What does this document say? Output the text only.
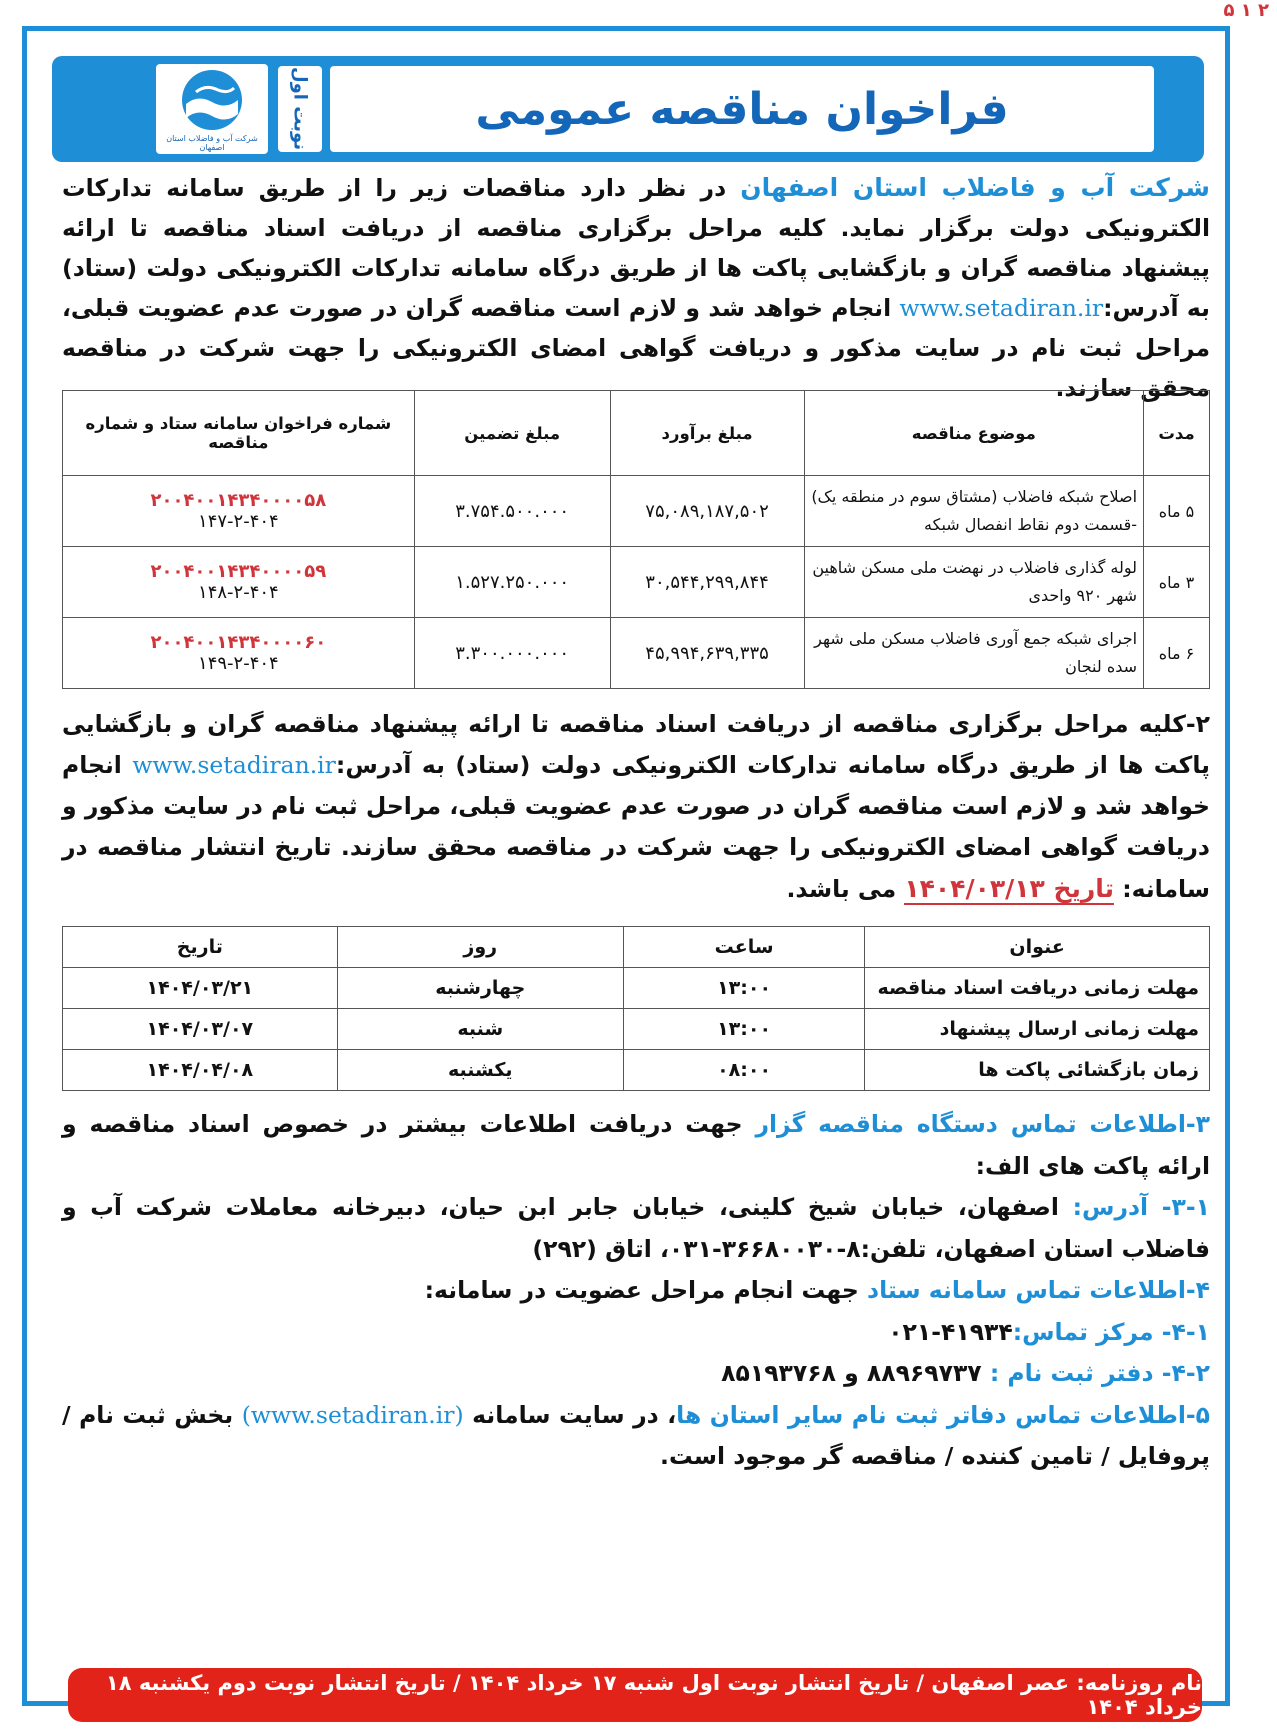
۵ ۱ ۲
شرکت آب و فاضلاب استان اصفهان	نوبت اول	فراخوان مناقصه عمومی
شرکت آب و فاضلاب استان اصفهان در نظر دارد مناقصات زیر را از طریق سامانه تدارکات الکترونیکی دولت برگزار نماید. کلیه مراحل برگزاری مناقصه از دریافت اسناد مناقصه تا ارائه پیشنهاد مناقصه گران و بازگشایی پاکت ها از طریق درگاه سامانه تدارکات الکترونیکی دولت (ستاد) به آدرس:www.setadiran.ir انجام خواهد شد و لازم است مناقصه گران در صورت عدم عضویت قبلی، مراحل ثبت نام در سایت مذکور و دریافت گواهی امضای الکترونیکی را جهت شرکت در مناقصه محقق سازند.
مدت	موضوع مناقصه	مبلغ برآورد	مبلغ تضمین	شماره فراخوان سامانه ستاد و شماره مناقصه
۵ ماه	اصلاح شبکه فاضلاب (مشتاق سوم در منطقه یک) -قسمت دوم نقاط انفصال شبکه	۷۵,۰۸۹,۱۸۷,۵۰۲	۳.۷۵۴.۵۰۰.۰۰۰	۲۰۰۴۰۰۱۴۳۴۰۰۰۰۵۸
۱۴۷-۲-۴۰۴

۳ ماه	لوله گذاری فاضلاب در نهضت ملی مسکن شاهین شهر ۹۲۰ واحدی	۳۰,۵۴۴,۲۹۹,۸۴۴	۱.۵۲۷.۲۵۰.۰۰۰	۲۰۰۴۰۰۱۴۳۴۰۰۰۰۵۹
۱۴۸-۲-۴۰۴

۶ ماه	اجرای شبکه جمع آوری فاضلاب مسکن ملی شهر سده لنجان	۴۵,۹۹۴,۶۳۹,۳۳۵	۳.۳۰۰.۰۰۰.۰۰۰	۲۰۰۴۰۰۱۴۳۴۰۰۰۰۶۰
۱۴۹-۲-۴۰۴
۲-کلیه مراحل برگزاری مناقصه از دریافت اسناد مناقصه تا ارائه پیشنهاد مناقصه گران و بازگشایی پاکت ها از طریق درگاه سامانه تدارکات الکترونیکی دولت (ستاد) به آدرس:www.setadiran.ir انجام خواهد شد و لازم است مناقصه گران در صورت عدم عضویت قبلی، مراحل ثبت نام در سایت مذکور و دریافت گواهی امضای الکترونیکی را جهت شرکت در مناقصه محقق سازند. تاریخ انتشار مناقصه در سامانه: تاریخ ۱۴۰۴/۰۳/۱۳ می باشد.
عنوان	ساعت	روز	تاریخ
مهلت زمانی دریافت اسناد مناقصه	۱۳:۰۰	چهارشنبه	۱۴۰۴/۰۳/۲۱
مهلت زمانی ارسال پیشنهاد	۱۳:۰۰	شنبه	۱۴۰۴/۰۳/۰۷
زمان بازگشائی پاکت ها	۰۸:۰۰	یکشنبه	۱۴۰۴/۰۴/۰۸

۳-اطلاعات تماس دستگاه مناقصه گزار جهت دریافت اطلاعات بیشتر در خصوص اسناد مناقصه و ارائه پاکت های الف:

۳-۱- آدرس: اصفهان، خیابان شیخ کلینی، خیابان جابر ابن حیان، دبیرخانه معاملات شرکت آب و فاضلاب استان اصفهان، تلفن:۸-۳۶۶۸۰۰۳۰-۰۳۱، اتاق (۲۹۲)

۴-اطلاعات تماس سامانه ستاد جهت انجام مراحل عضویت در سامانه:

۴-۱- مرکز تماس:۴۱۹۳۴-۰۲۱

۴-۲- دفتر ثبت نام : ۸۸۹۶۹۷۳۷ و ۸۵۱۹۳۷۶۸

۵-اطلاعات تماس دفاتر ثبت نام سایر استان ها، در سایت سامانه (www.setadiran.ir) بخش ثبت نام / پروفایل / تامین کننده / مناقصه گر موجود است.

نام روزنامه: عصر اصفهان / تاریخ انتشار نوبت اول شنبه ۱۷ خرداد ۱۴۰۴ / تاریخ انتشار نوبت دوم یکشنبه ۱۸ خرداد ۱۴۰۴
